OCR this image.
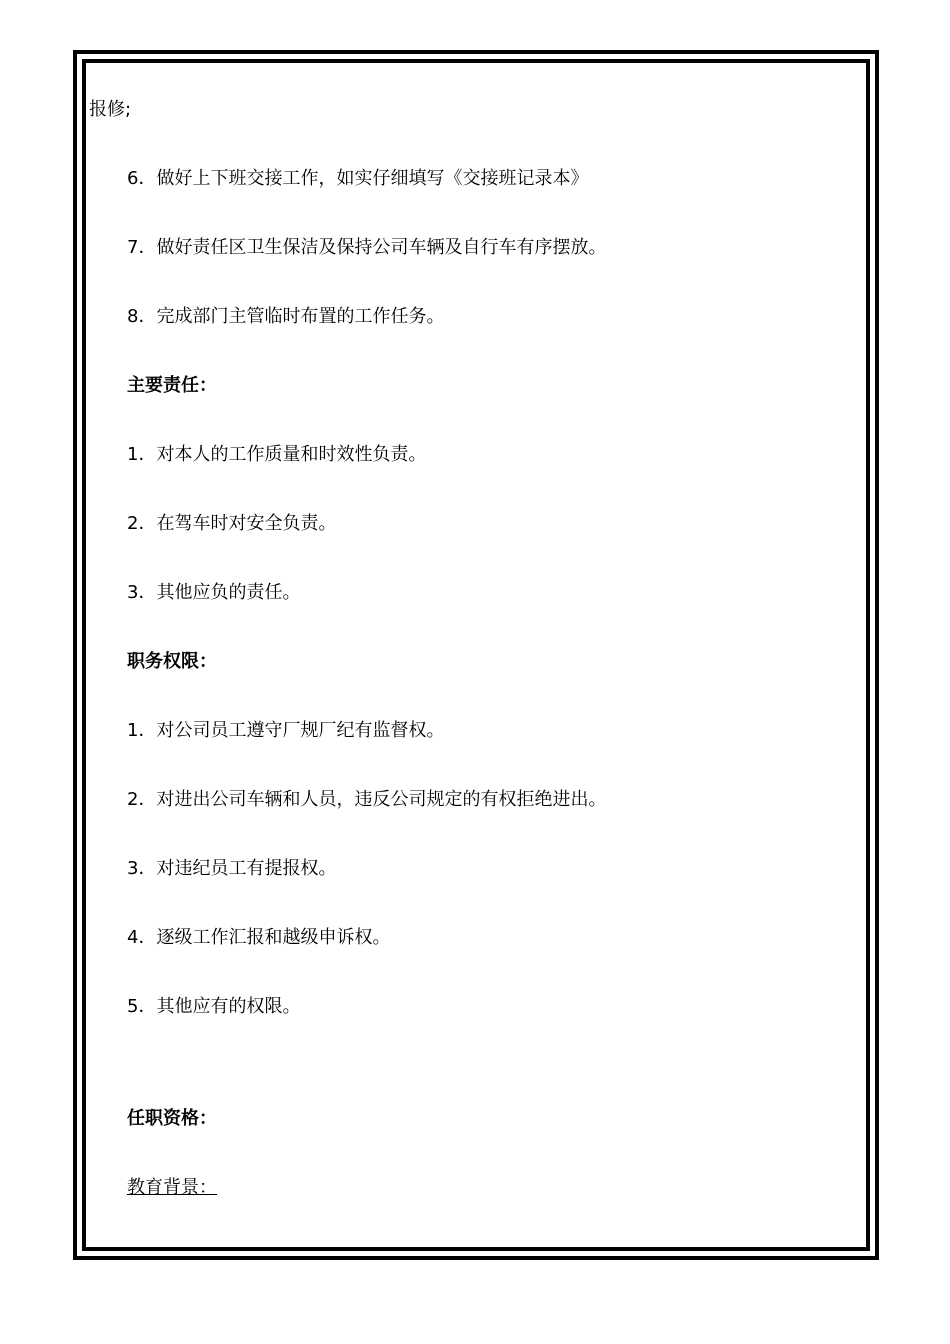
报修;

6．做好上下班交接工作，如实仔细填写《交接班记录本》

7．做好责任区卫生保洁及保持公司车辆及自行车有序摆放。

8．完成部门主管临时布置的工作任务。

主要责任：

1．对本人的工作质量和时效性负责。

2．在驾车时对安全负责。

3．其他应负的责任。

职务权限：

1．对公司员工遵守厂规厂纪有监督权。

2．对进出公司车辆和人员，违反公司规定的有权拒绝进出。

3．对违纪员工有提报权。

4．逐级工作汇报和越级申诉权。

5．其他应有的权限。

任职资格：

教育背景：
